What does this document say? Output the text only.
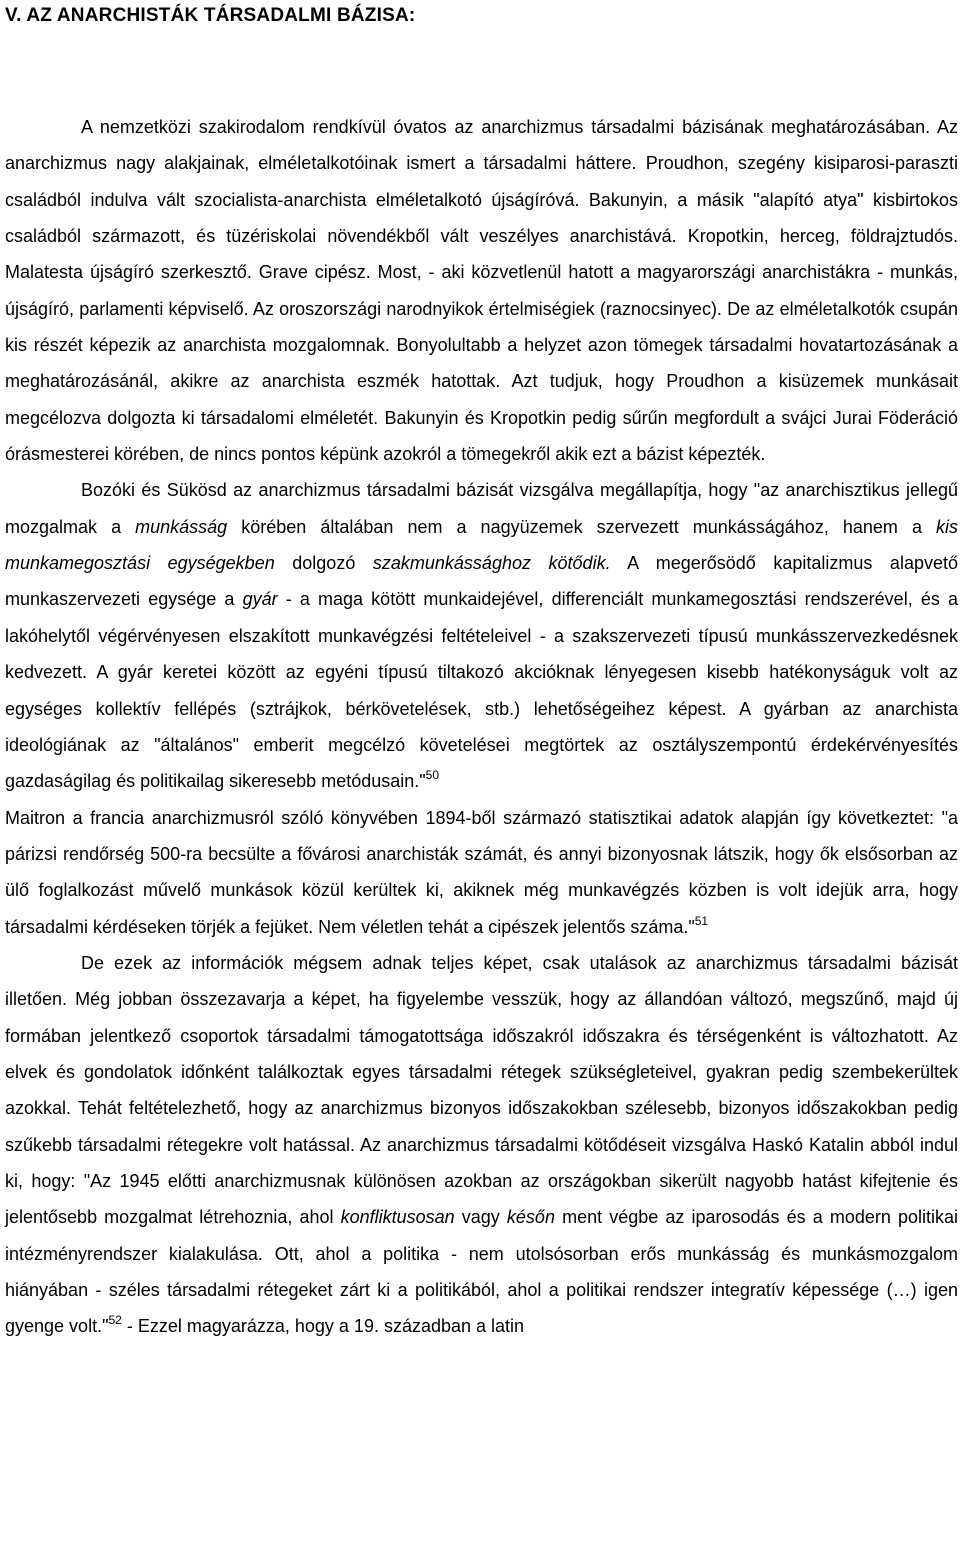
V. AZ ANARCHISTÁK TÁRSADALMI BÁZISA:

A nemzetközi szakirodalom rendkívül óvatos az anarchizmus társadalmi bázisának meghatározásában. Az anarchizmus nagy alakjainak, elméletalkotóinak ismert a társadalmi háttere. Proudhon, szegény kisiparosi-paraszti családból indulva vált szocialista-anarchista elméletalkotó újságíróvá. Bakunyin, a másik "alapító atya" kisbirtokos családból származott, és tüzériskolai növendékből vált veszélyes anarchistává. Kropotkin, herceg, földrajztudós. Malatesta újságíró szerkesztő. Grave cipész. Most, - aki közvetlenül hatott a magyarországi anarchistákra - munkás, újságíró, parlamenti képviselő. Az oroszországi narodnyikok értelmiségiek (raznocsinyec). De az elméletalkotók csupán kis részét képezik az anarchista mozgalomnak. Bonyolultabb a helyzet azon tömegek társadalmi hovatartozásának a meghatározásánál, akikre az anarchista eszmék hatottak. Azt tudjuk, hogy Proudhon a kisüzemek munkásait megcélozva dolgozta ki társadalomi elméletét. Bakunyin és Kropotkin pedig sűrűn megfordult a svájci Jurai Föderáció órásmesterei körében, de nincs pontos képünk azokról a tömegekről akik ezt a bázist képezték.

Bozóki és Sükösd az anarchizmus társadalmi bázisát vizsgálva megállapítja, hogy "az anarchisztikus jellegű mozgalmak a munkásság körében általában nem a nagyüzemek szervezett munkásságához, hanem a kis munkamegosztási egységekben dolgozó szakmunkássághoz kötődik. A megerősödő kapitalizmus alapvető munkaszervezeti egysége a gyár - a maga kötött munkaidejével, differenciált munkamegosztási rendszerével, és a lakóhelytől végérvényesen elszakított munkavégzési feltételeivel - a szakszervezeti típusú munkásszervezkedésnek kedvezett. A gyár keretei között az egyéni típusú tiltakozó akcióknak lényegesen kisebb hatékonyságuk volt az egységes kollektív fellépés (sztrájkok, bérkövetelések, stb.) lehetőségeihez képest. A gyárban az anarchista ideológiának az "általános" emberit megcélzó követelései megtörtek az osztályszempontú érdekérvényesítés gazdaságilag és politikailag sikeresebb metódusain."$^{50}$

Maitron a francia anarchizmusról szóló könyvében 1894-ből származó statisztikai adatok alapján így következtet: "a párizsi rendőrség 500-ra becsülte a fővárosi anarchisták számát, és annyi bizonyosnak látszik, hogy ők elsősorban az ülő foglalkozást művelő munkások közül kerültek ki, akiknek még munkavégzés közben is volt idejük arra, hogy társadalmi kérdéseken törjék a fejüket. Nem véletlen tehát a cipészek jelentős száma."$^{51}$

De ezek az információk mégsem adnak teljes képet, csak utalások az anarchizmus társadalmi bázisát illetően. Még jobban összezavarja a képet, ha figyelembe vesszük, hogy az állandóan változó, megszűnő, majd új formában jelentkező csoportok társadalmi támogatottsága időszakról időszakra és térségenként is változhatott. Az elvek és gondolatok időnként találkoztak egyes társadalmi rétegek szükségleteivel, gyakran pedig szembekerültek azokkal. Tehát feltételezhető, hogy az anarchizmus bizonyos időszakokban szélesebb, bizonyos időszakokban pedig szűkebb társadalmi rétegekre volt hatással. Az anarchizmus társadalmi kötődéseit vizsgálva Haskó Katalin abból indul ki, hogy: "Az 1945 előtti anarchizmusnak különösen azokban az országokban sikerült nagyobb hatást kifejtenie és jelentősebb mozgalmat létrehoznia, ahol konfliktusosan vagy későn ment végbe az iparosodás és a modern politikai intézményrendszer kialakulása. Ott, ahol a politika - nem utolsósorban erős munkásság és munkásmozgalom hiányában - széles társadalmi rétegeket zárt ki a politikából, ahol a politikai rendszer integratív képessége (…) igen gyenge volt."$^{52}$ - Ezzel magyarázza, hogy a 19. században a latin
